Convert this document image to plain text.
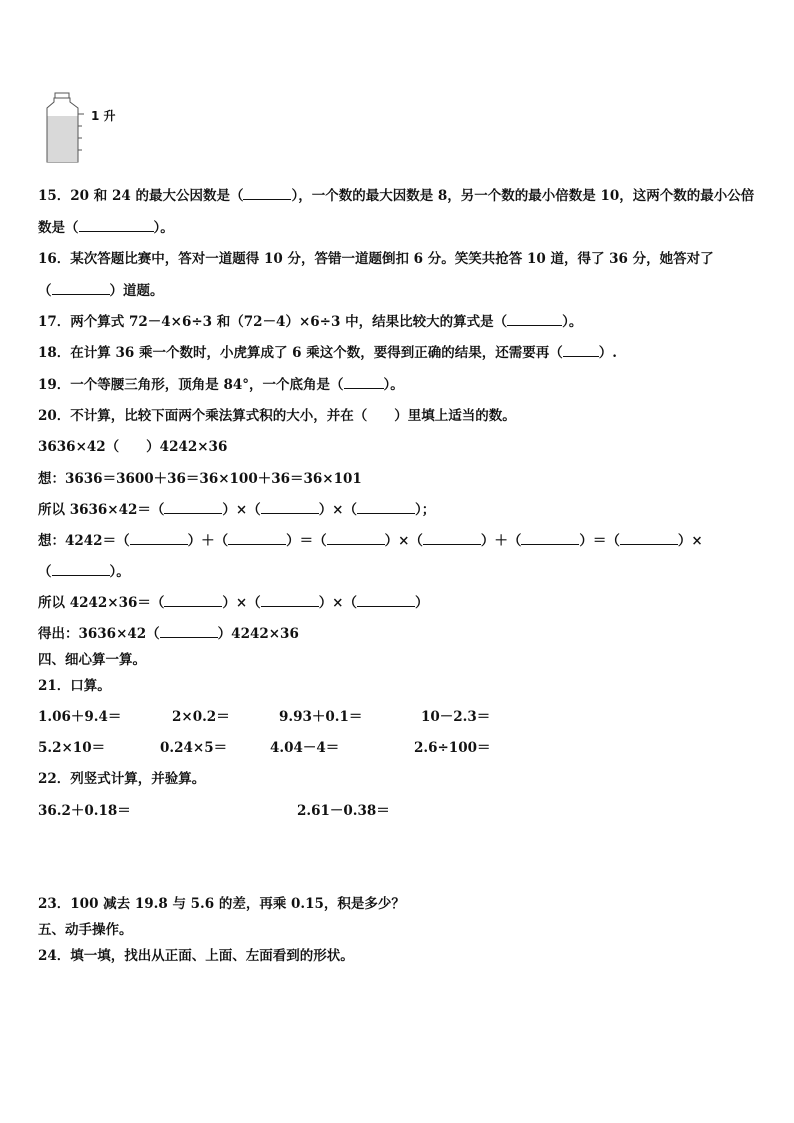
1 升
15．20 和 24 的最大公因数是（	），一个数的最大因数是 8，另一个数的最小倍数是 10，这两个数的最小公倍
数是（	）。
16．某次答题比赛中，答对一道题得 10 分，答错一道题倒扣 6 分。笑笑共抢答 10 道，得了 36 分，她答对了
（	）道题。
17．两个算式 72－4×6÷3 和（72－4）×6÷3 中，结果比较大的算式是（	）。
18．在计算 36 乘一个数时，小虎算成了 6 乘这个数，要得到正确的结果，还需要再（	）.
19．一个等腰三角形，顶角是 84°，一个底角是（	）。
20．不计算，比较下面两个乘法算式积的大小，并在（　　）里填上适当的数。
3636×42（　　）4242×36
想：3636＝3600＋36＝36×100＋36＝36×101
所以 3636×42＝（	）×（	）×（	）；
想：4242＝（	）＋（	）＝（	）×（	）＋（	）＝（	）×
（	）。
所以 4242×36＝（	）×（	）×（	）
得出：3636×42（	）4242×36
四、细心算一算。
21．口算。
1.06＋9.4＝	2×0.2＝	9.93＋0.1＝	10－2.3＝
5.2×10＝	0.24×5＝	4.04－4＝	2.6÷100＝
22．列竖式计算，并验算。
36.2＋0.18＝	2.61－0.38＝
23．100 减去 19.8 与 5.6 的差，再乘 0.15，积是多少？
五、动手操作。
24．填一填，找出从正面、上面、左面看到的形状。
